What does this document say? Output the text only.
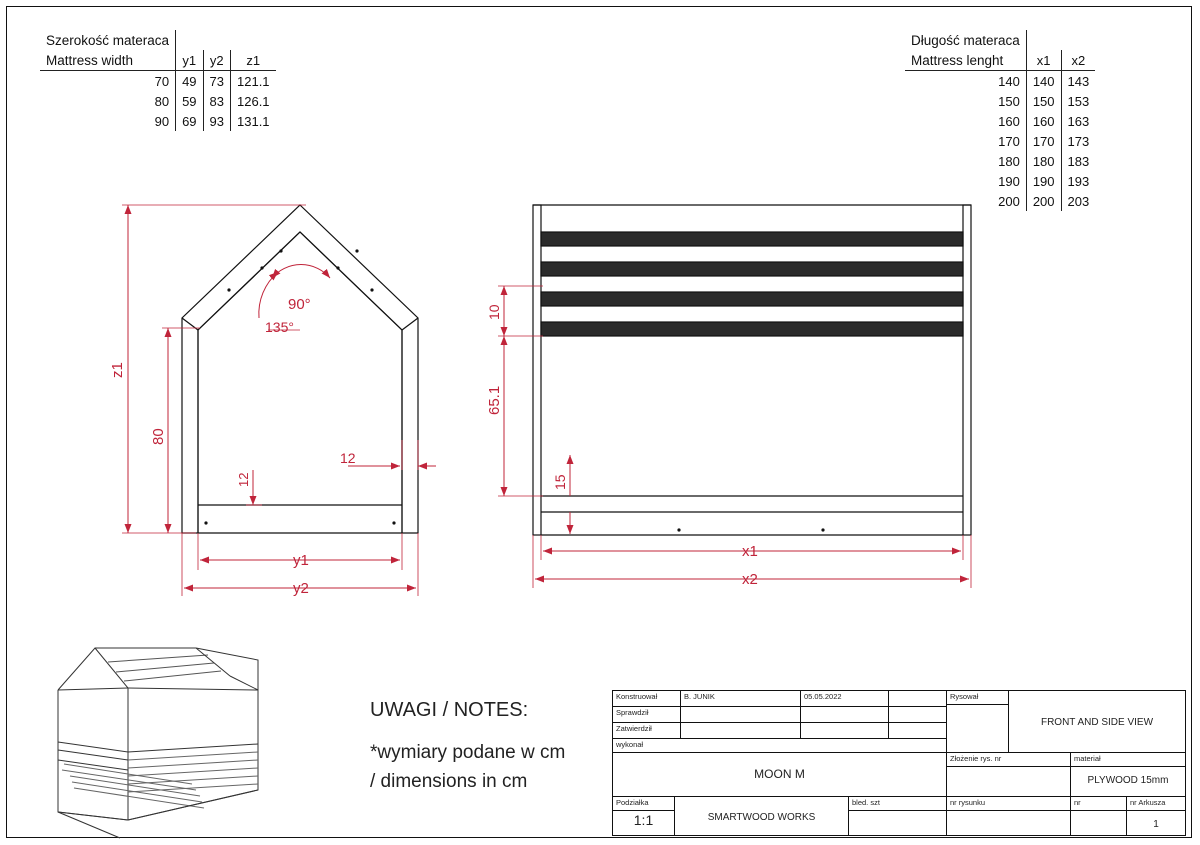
Szerokość materaca			
Mattress width	y1	y2	z1
70	49	73	121.1
80	59	83	126.1
90	69	93	131.1
Długość materaca		
Mattress lenght	x1	x2
140	140	143
150	150	153
160	160	163
170	170	173
180	180	183
190	190	193
200	200	203
z1
80
12
12
y1
y2
90°
135°
10
65.1
15
x1
x2
UWAGI / NOTES:
*wymiary podane w cm
/ dimensions in cm
Konstruował	B. JUNIK	05.05.2022
Sprawdził
Zatwierdził
wykonał
MOON M
Podziałka
1:1	SMARTWOOD WORKS
bled. szt
Rysował
FRONT AND SIDE VIEW
Złożenie rys. nr	materiał
PLYWOOD 15mm
nr rysunku	nr	nr Arkusza
1
